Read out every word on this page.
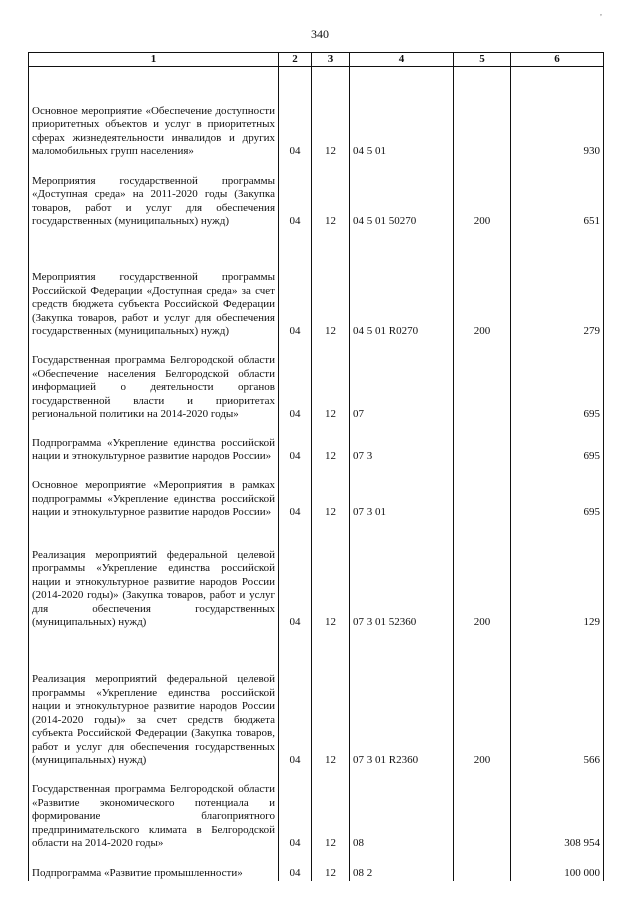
340
,
1	2	3	4	5	6
Основное мероприятие «Обеспечение доступности приоритетных объектов и услуг в приоритетных сферах жизнедеятельности инвалидов и других маломобильных групп населения»	04	12	04 5 01		930
Мероприятия государственной программы «Доступная среда» на 2011-2020 годы (Закупка товаров, работ и услуг для обеспечения государственных (муниципальных) нужд)	04	12	04 5 01 50270	200	651
Мероприятия государственной программы Российской Федерации «Доступная среда» за счет средств бюджета субъекта Российской Федерации (Закупка товаров, работ и услуг для обеспечения государственных (муниципальных) нужд)	04	12	04 5 01 R0270	200	279
Государственная программа Белгородской области «Обеспечение населения Белгородской области информацией о деятельности органов государственной власти и приоритетах региональной политики на 2014-2020 годы»	04	12	07		695
Подпрограмма «Укрепление единства российской нации и этнокультурное развитие народов России»	04	12	07 3		695
Основное мероприятие «Мероприятия в рамках подпрограммы «Укрепление единства российской нации и этнокультурное развитие народов России»	04	12	07 3 01		695
Реализация мероприятий федеральной целевой программы «Укрепление единства российской нации и этнокультурное развитие народов России (2014-2020 годы)» (Закупка товаров, работ и услуг для обеспечения государственных (муниципальных) нужд)	04	12	07 3 01 52360	200	129
Реализация мероприятий федеральной целевой программы «Укрепление единства российской нации и этнокультурное развитие народов России (2014-2020 годы)» за счет средств бюджета субъекта Российской Федерации (Закупка товаров, работ и услуг для обеспечения государственных (муниципальных) нужд)	04	12	07 3 01 R2360	200	566
Государственная программа Белгородской области «Развитие экономического потенциала и формирование благоприятного предпринимательского климата в Белгородской области на 2014-2020 годы»	04	12	08		308 954
Подпрограмма «Развитие промышленности»	04	12	08 2		100 000
